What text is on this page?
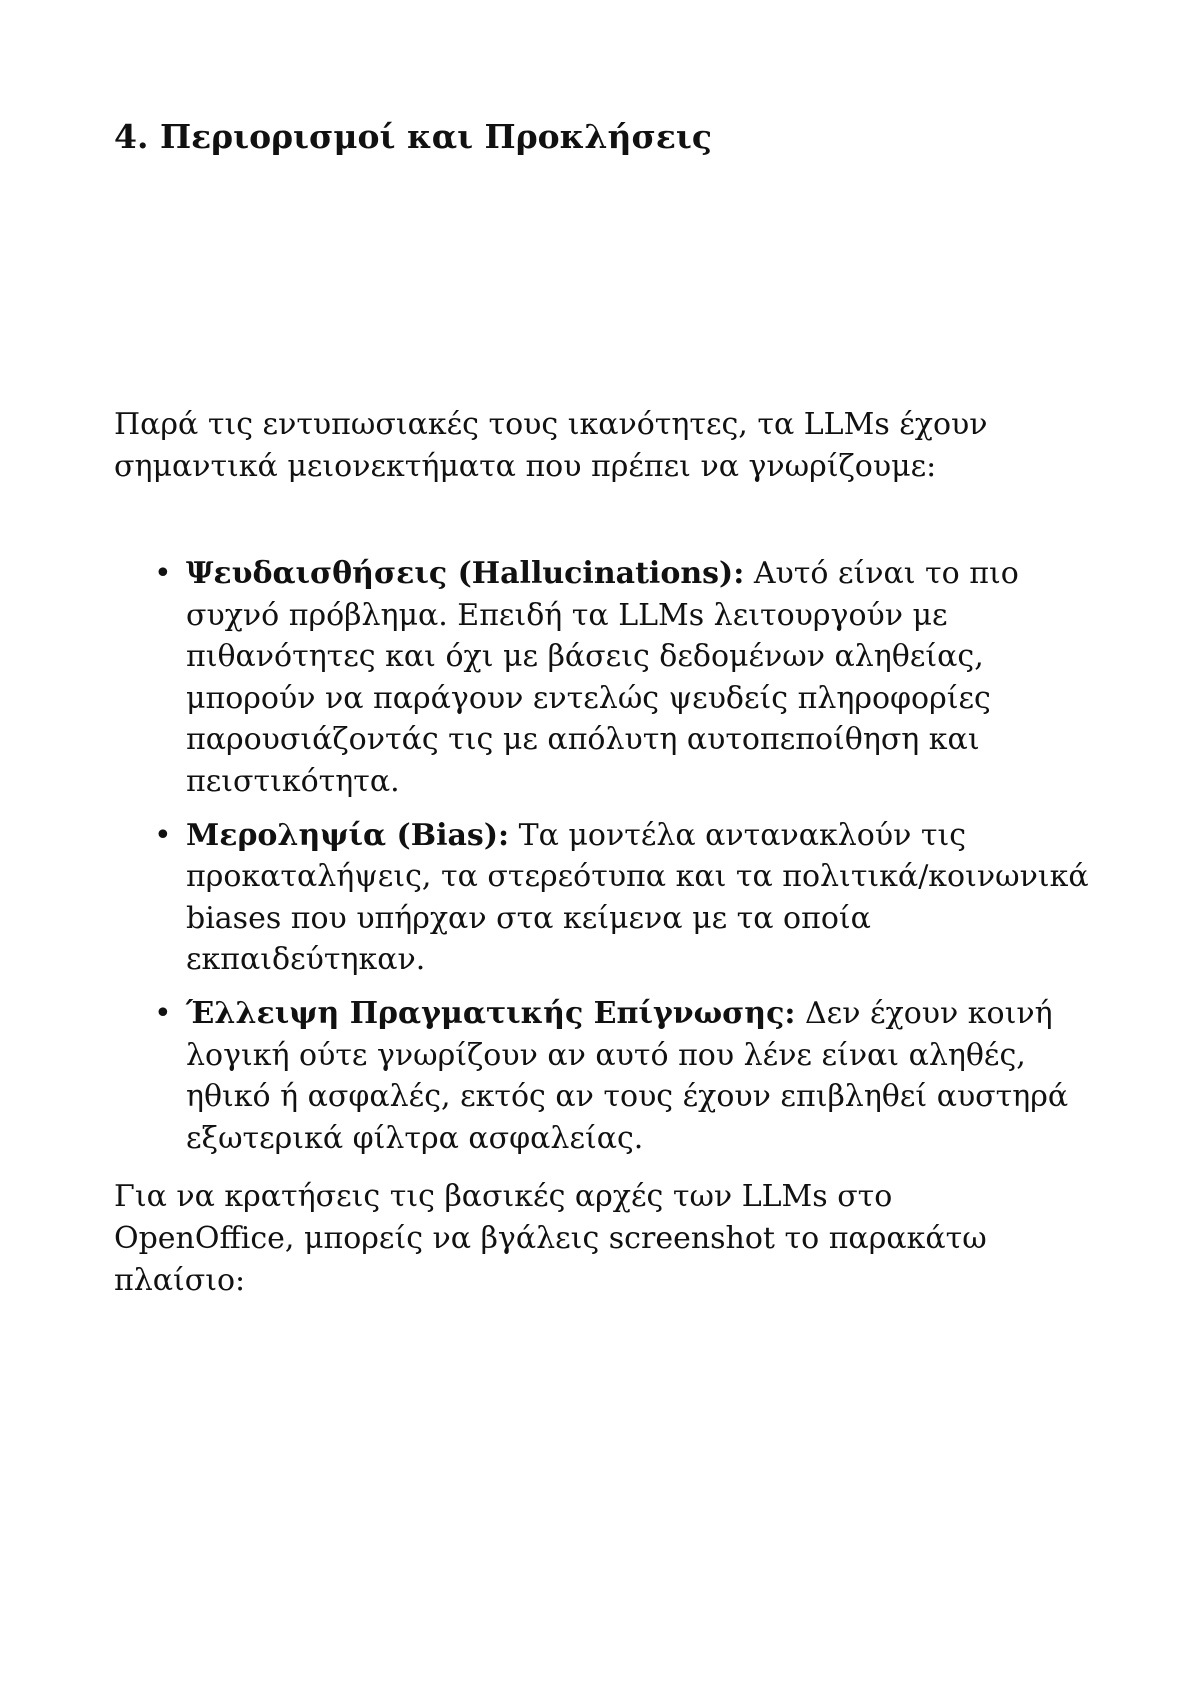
4. Περιορισμοί και Προκλήσεις

Παρά τις εντυπωσιακές τους ικανότητες, τα LLMs έχουν σημαντικά μειονεκτήματα που πρέπει να γνωρίζουμε:

• Ψευδαισθήσεις (Hallucinations): Αυτό είναι το πιο συχνό πρόβλημα. Επειδή τα LLMs λειτουργούν με πιθανότητες και όχι με βάσεις δεδομένων αληθείας, μπορούν να παράγουν εντελώς ψευδείς πληροφορίες παρουσιάζοντάς τις με απόλυτη αυτοπεποίθηση και πειστικότητα.
• Μεροληψία (Bias): Τα μοντέλα αντανακλούν τις προκαταλήψεις, τα στερεότυπα και τα πολιτικά/κοινωνικά biases που υπήρχαν στα κείμενα με τα οποία εκπαιδεύτηκαν.
• Έλλειψη Πραγματικής Επίγνωσης: Δεν έχουν κοινή λογική ούτε γνωρίζουν αν αυτό που λένε είναι αληθές, ηθικό ή ασφαλές, εκτός αν τους έχουν επιβληθεί αυστηρά εξωτερικά φίλτρα ασφαλείας.

Για να κρατήσεις τις βασικές αρχές των LLMs στο OpenOffice, μπορείς να βγάλεις screenshot το παρακάτω πλαίσιο:
